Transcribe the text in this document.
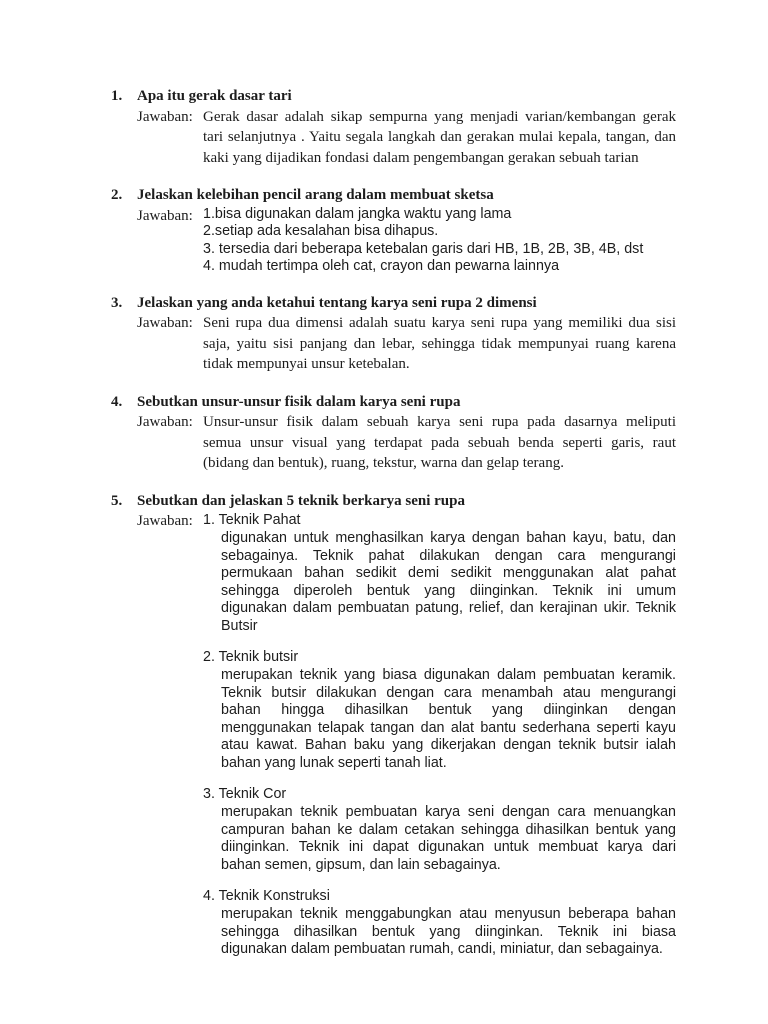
1. Apa itu gerak dasar tari
Jawaban: Gerak dasar adalah sikap sempurna yang menjadi varian/kembangan gerak
tari selanjutnya . Yaitu segala langkah dan gerakan mulai kepala, tangan, dan
kaki yang dijadikan fondasi dalam pengembangan gerakan sebuah tarian
2. Jelaskan kelebihan pencil arang dalam membuat sketsa
Jawaban: 1.bisa digunakan dalam jangka waktu yang lama
2.setiap ada kesalahan bisa dihapus.
3. tersedia dari beberapa ketebalan garis dari HB, 1B, 2B, 3B, 4B, dst
4. mudah tertimpa oleh cat, crayon dan pewarna lainnya
3. Jelaskan yang anda ketahui tentang karya seni rupa 2 dimensi
Jawaban: Seni rupa dua dimensi adalah suatu karya seni rupa yang memiliki dua sisi
saja, yaitu sisi panjang dan lebar, sehingga tidak mempunyai ruang karena
tidak mempunyai unsur ketebalan.
4. Sebutkan unsur-unsur fisik dalam karya seni rupa
Jawaban: Unsur-unsur fisik dalam sebuah karya seni rupa pada dasarnya meliputi
semua unsur visual yang terdapat pada sebuah benda seperti garis, raut
(bidang dan bentuk), ruang, tekstur, warna dan gelap terang.
5. Sebutkan dan jelaskan 5 teknik berkarya seni rupa
Jawaban: 1. Teknik Pahat
digunakan untuk menghasilkan karya dengan bahan kayu, batu, dan
sebagainya. Teknik pahat dilakukan dengan cara mengurangi
permukaan bahan sedikit demi sedikit menggunakan alat pahat
sehingga diperoleh bentuk yang diinginkan. Teknik ini umum
digunakan dalam pembuatan patung, relief, dan kerajinan ukir. Teknik
Butsir
2. Teknik butsir
merupakan teknik yang biasa digunakan dalam pembuatan keramik.
Teknik butsir dilakukan dengan cara menambah atau mengurangi
bahan hingga dihasilkan bentuk yang diinginkan dengan
menggunakan telapak tangan dan alat bantu sederhana seperti kayu
atau kawat. Bahan baku yang dikerjakan dengan teknik butsir ialah
bahan yang lunak seperti tanah liat.
3. Teknik Cor
merupakan teknik pembuatan karya seni dengan cara menuangkan
campuran bahan ke dalam cetakan sehingga dihasilkan bentuk yang
diinginkan. Teknik ini dapat digunakan untuk membuat karya dari
bahan semen, gipsum, dan lain sebagainya.
4. Teknik Konstruksi
merupakan teknik menggabungkan atau menyusun beberapa bahan
sehingga dihasilkan bentuk yang diinginkan. Teknik ini biasa
digunakan dalam pembuatan rumah, candi, miniatur, dan sebagainya.
